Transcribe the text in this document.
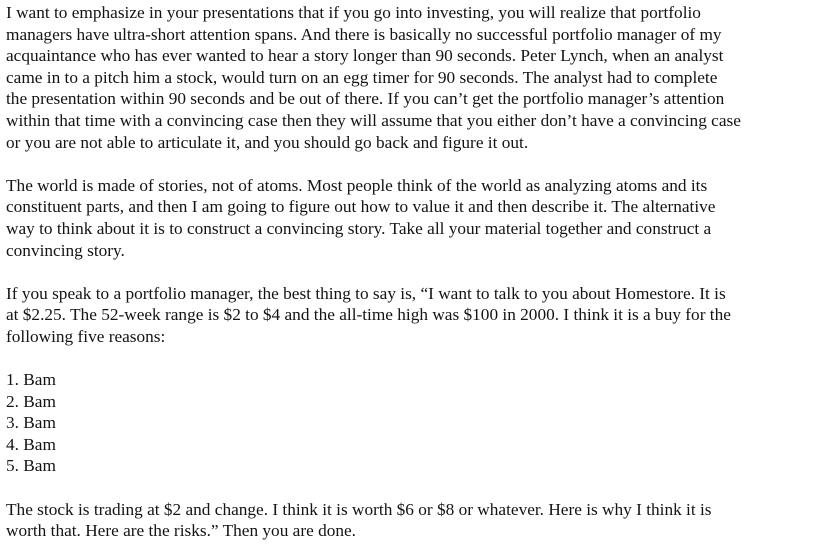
I want to emphasize in your presentations that if you go into investing, you will realize that portfolio
managers have ultra-short attention spans. And there is basically no successful portfolio manager of my
acquaintance who has ever wanted to hear a story longer than 90 seconds. Peter Lynch, when an analyst
came in to a pitch him a stock, would turn on an egg timer for 90 seconds. The analyst had to complete
the presentation within 90 seconds and be out of there. If you can’t get the portfolio manager’s attention
within that time with a convincing case then they will assume that you either don’t have a convincing case
or you are not able to articulate it, and you should go back and figure it out.

The world is made of stories, not of atoms. Most people think of the world as analyzing atoms and its
constituent parts, and then I am going to figure out how to value it and then describe it. The alternative
way to think about it is to construct a convincing story. Take all your material together and construct a
convincing story.

If you speak to a portfolio manager, the best thing to say is, “I want to talk to you about Homestore. It is
at $2.25. The 52-week range is $2 to $4 and the all-time high was $100 in 2000. I think it is a buy for the
following five reasons:

1. Bam
2. Bam
3. Bam
4. Bam
5. Bam

The stock is trading at $2 and change. I think it is worth $6 or $8 or whatever. Here is why I think it is
worth that. Here are the risks.” Then you are done.
